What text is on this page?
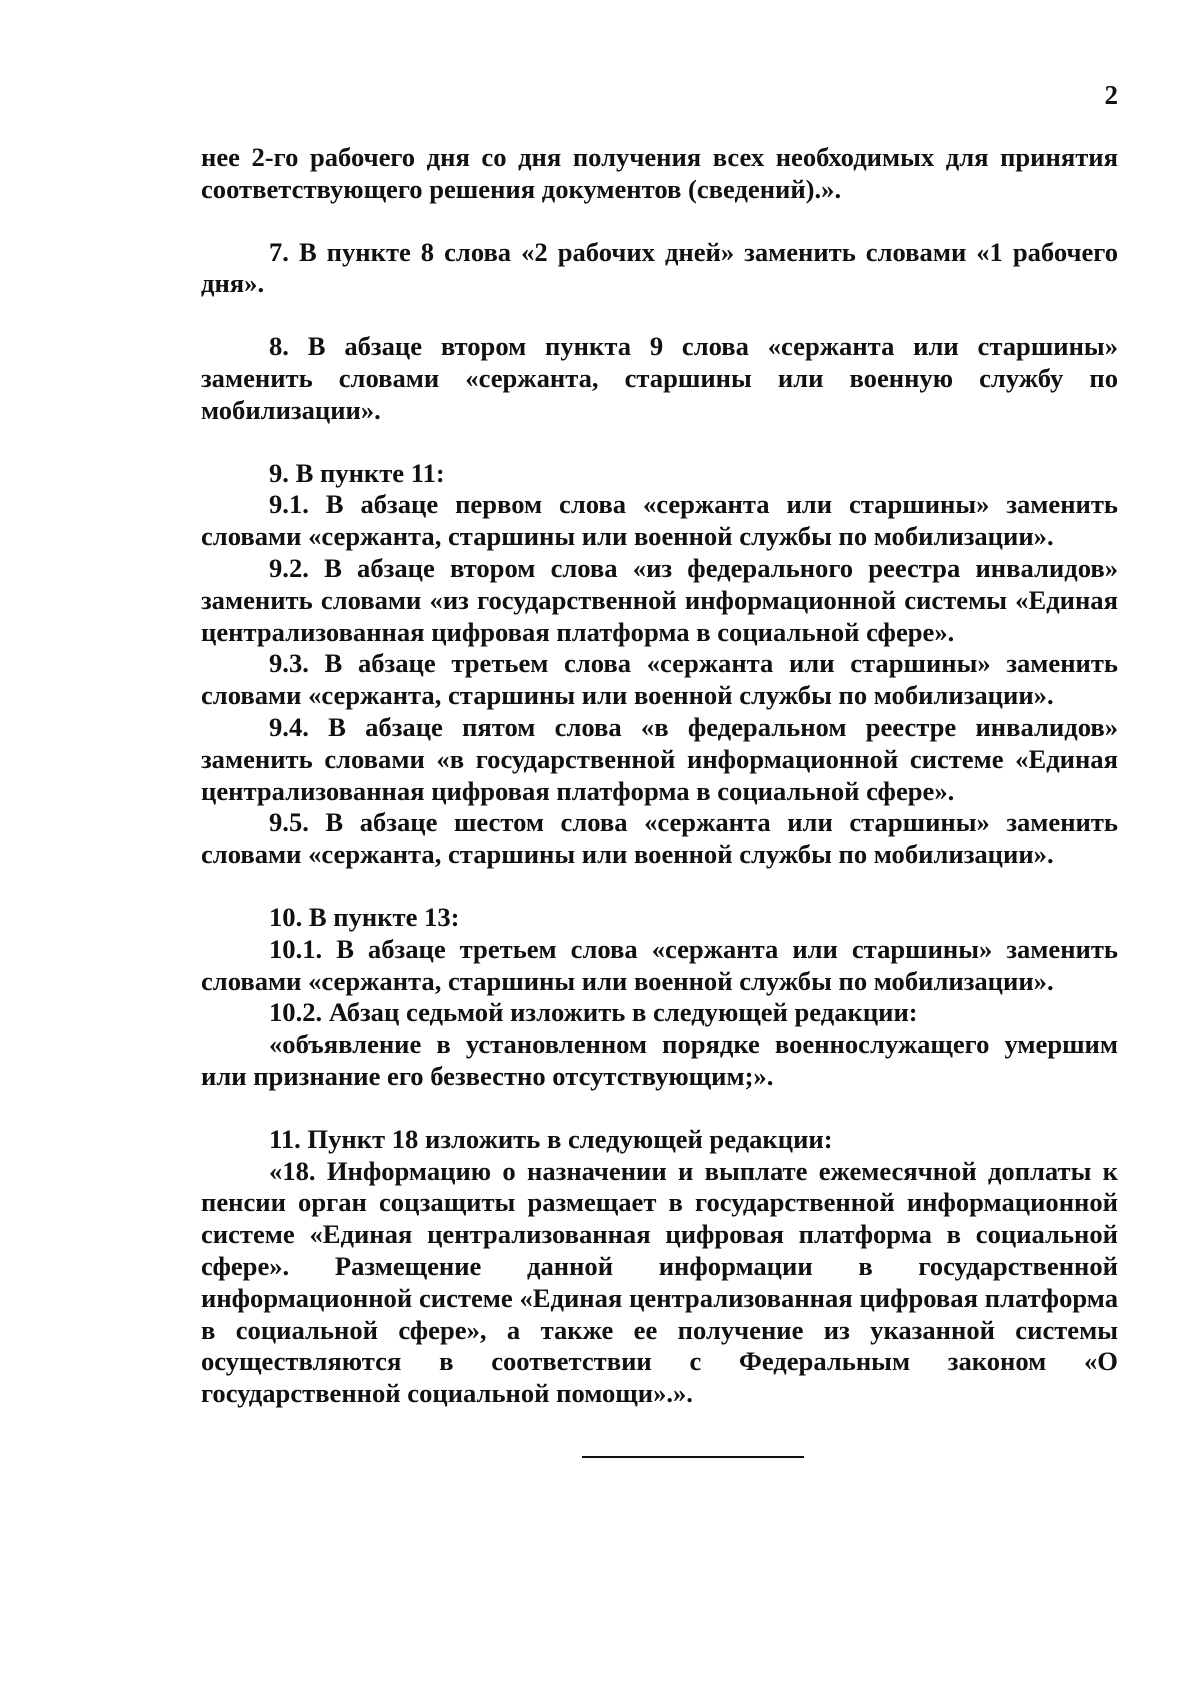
2

нее 2-го рабочего дня со дня получения всех необходимых для принятия соответствующего решения документов (сведений).».

7. В пункте 8 слова «2 рабочих дней» заменить словами «1 рабочего дня».

8. В абзаце втором пункта 9 слова «сержанта или старшины» заменить словами «сержанта, старшины или военную службу по мобилизации».

9. В пункте 11:

9.1. В абзаце первом слова «сержанта или старшины» заменить словами «сержанта, старшины или военной службы по мобилизации».

9.2. В абзаце втором слова «из федерального реестра инвалидов» заменить словами «из государственной информационной системы «Единая централизованная цифровая платформа в социальной сфере».

9.3. В абзаце третьем слова «сержанта или старшины» заменить словами «сержанта, старшины или военной службы по мобилизации».

9.4. В абзаце пятом слова «в федеральном реестре инвалидов» заменить словами «в государственной информационной системе «Единая централизованная цифровая платформа в социальной сфере».

9.5. В абзаце шестом слова «сержанта или старшины» заменить словами «сержанта, старшины или военной службы по мобилизации».

10. В пункте 13:

10.1. В абзаце третьем слова «сержанта или старшины» заменить словами «сержанта, старшины или военной службы по мобилизации».

10.2. Абзац седьмой изложить в следующей редакции:

«объявление в установленном порядке военнослужащего умершим или признание его безвестно отсутствующим;».

11. Пункт 18 изложить в следующей редакции:

«18. Информацию о назначении и выплате ежемесячной доплаты к пенсии орган соцзащиты размещает в государственной информационной системе «Единая централизованная цифровая платформа в социальной сфере». Размещение данной информации в государственной информационной системе «Единая централизованная цифровая платформа в социальной сфере», а также ее получение из указанной системы осуществляются в соответствии с Федеральным законом «О государственной социальной помощи».».
